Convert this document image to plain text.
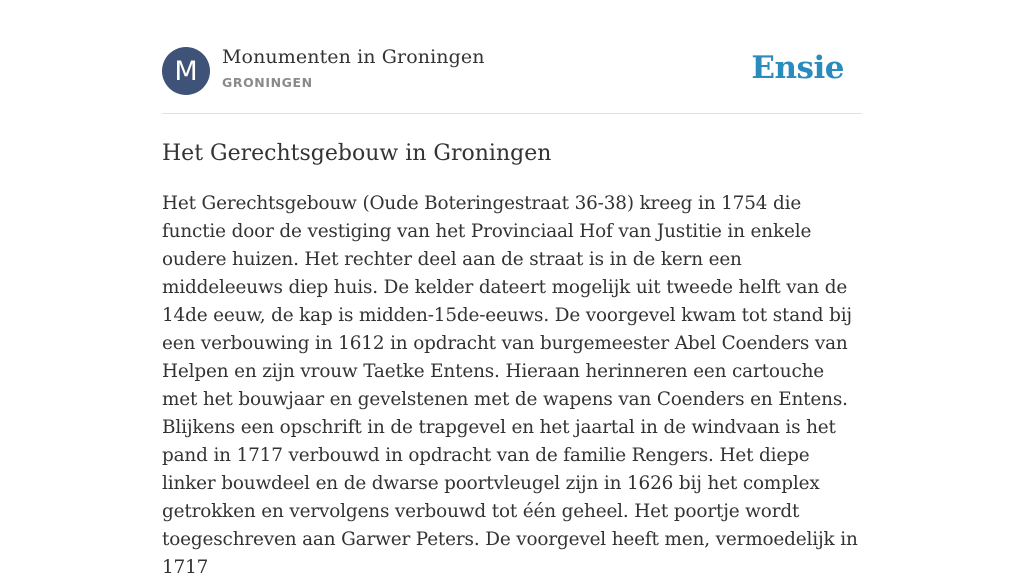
M	Monumenten in Groningen
GRONINGEN	Ensie
Het Gerechtsgebouw in Groningen

Het Gerechtsgebouw (Oude Boteringestraat 36-38) kreeg in 1754 die functie door de vestiging van het Provinciaal Hof van Justitie in enkele oudere huizen. Het rechter deel aan de straat is in de kern een middeleeuws diep huis. De kelder dateert mogelijk uit tweede helft van de 14de eeuw, de kap is midden-15de-eeuws. De voorgevel kwam tot stand bij een verbouwing in 1612 in opdracht van burgemeester Abel Coenders van Helpen en zijn vrouw Taetke Entens. Hieraan herinneren een cartouche met het bouwjaar en gevelstenen met de wapens van Coenders en Entens. Blijkens een opschrift in de trapgevel en het jaartal in de windvaan is het pand in 1717 verbouwd in opdracht van de familie Rengers. Het diepe linker bouwdeel en de dwarse poortvleugel zijn in 1626 bij het complex getrokken en vervolgens verbouwd tot één geheel. Het poortje wordt toegeschreven aan Garwer Peters. De voorgevel heeft men, vermoedelijk in 1717
